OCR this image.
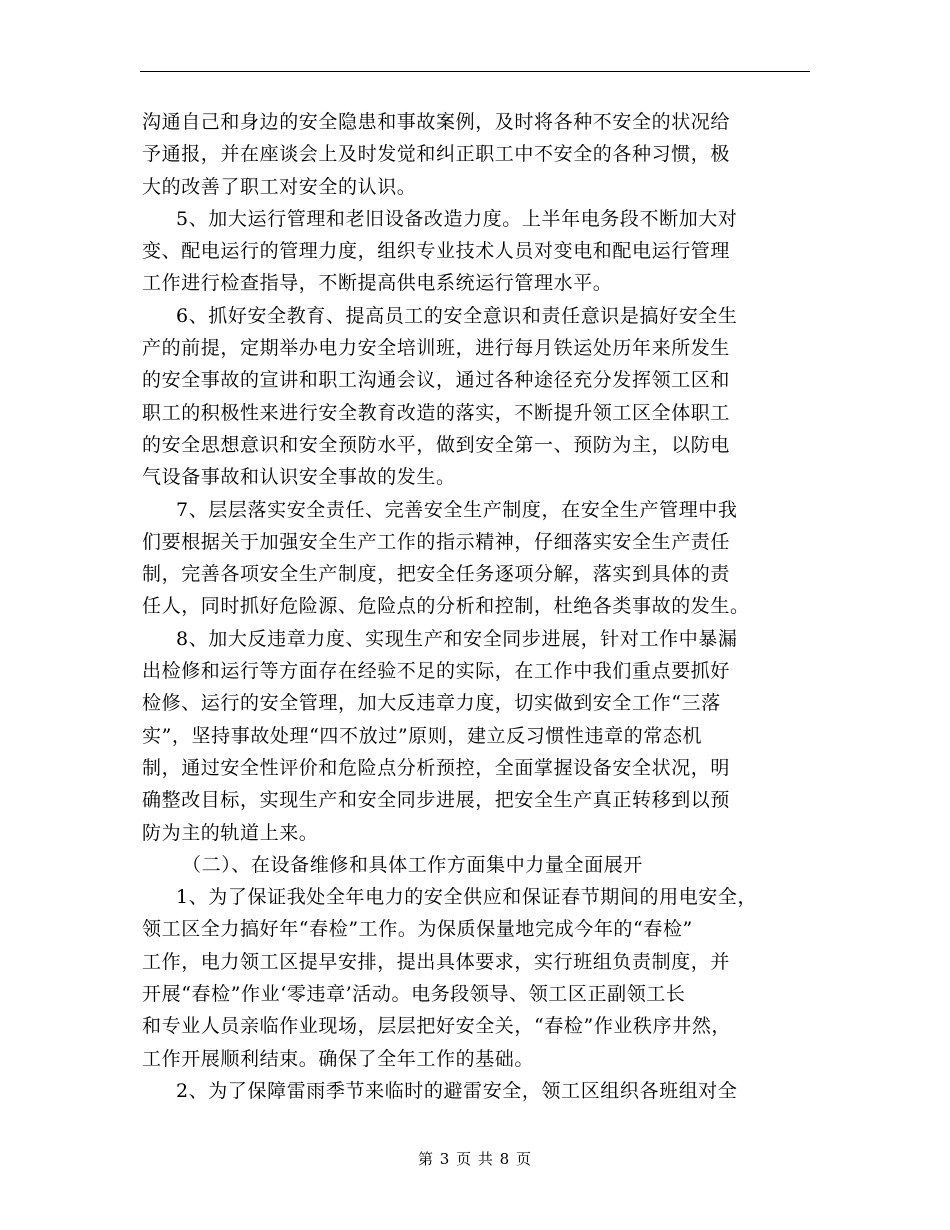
沟通自己和身边的安全隐患和事故案例，及时将各种不安全的状况给
予通报，并在座谈会上及时发觉和纠正职工中不安全的各种习惯，极
大的改善了职工对安全的认识。
5、加大运行管理和老旧设备改造力度。上半年电务段不断加大对
变、配电运行的管理力度，组织专业技术人员对变电和配电运行管理
工作进行检查指导，不断提高供电系统运行管理水平。
6、抓好安全教育、提高员工的安全意识和责任意识是搞好安全生
产的前提，定期举办电力安全培训班，进行每月铁运处历年来所发生
的安全事故的宣讲和职工沟通会议，通过各种途径充分发挥领工区和
职工的积极性来进行安全教育改造的落实，不断提升领工区全体职工
的安全思想意识和安全预防水平，做到安全第一、预防为主，以防电
气设备事故和认识安全事故的发生。
7、层层落实安全责任、完善安全生产制度，在安全生产管理中我
们要根据关于加强安全生产工作的指示精神，仔细落实安全生产责任
制，完善各项安全生产制度，把安全任务逐项分解，落实到具体的责
任人，同时抓好危险源、危险点的分析和控制，杜绝各类事故的发生。
8、加大反违章力度、实现生产和安全同步进展，针对工作中暴漏
出检修和运行等方面存在经验不足的实际，在工作中我们重点要抓好
检修、运行的安全管理，加大反违章力度，切实做到安全工作“三落
实”，坚持事故处理“四不放过”原则，建立反习惯性违章的常态机
制，通过安全性评价和危险点分析预控，全面掌握设备安全状况，明
确整改目标，实现生产和安全同步进展，把安全生产真正转移到以预
防为主的轨道上来。
（二）、在设备维修和具体工作方面集中力量全面展开
1、为了保证我处全年电力的安全供应和保证春节期间的用电安全，
领工区全力搞好年“春检”工作。为保质保量地完成今年的“春检”
工作，电力领工区提早安排，提出具体要求，实行班组负责制度，并
开展“春检”作业‘零违章’活动。电务段领导、领工区正副领工长
和专业人员亲临作业现场，层层把好安全关，“春检”作业秩序井然，
工作开展顺利结束。确保了全年工作的基础。
2、为了保障雷雨季节来临时的避雷安全，领工区组织各班组对全
第 3 页 共 8 页
